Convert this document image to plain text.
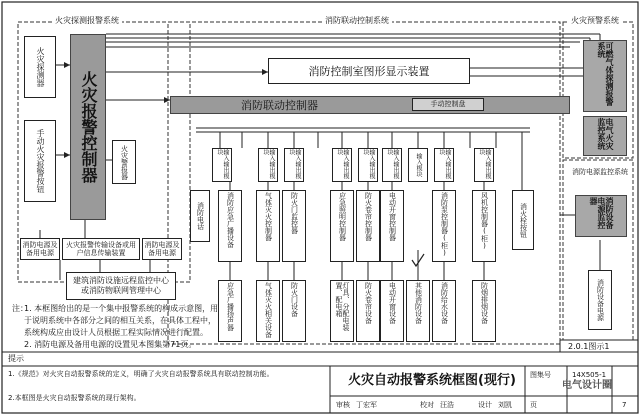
火灾探测报警系统	消防联动控制系统	火灾预警系统
消防电源监控系统
火灾报警控制器
火灾探测器
手动火灾报警按钮	火灾警报器
消防电源及备用电源
火灾报警传输设备或用户信息传输装置
消防电源及备用电源
建筑消防设施远程监控中心或消防物联网管理中心
消防控制室图形显示装置
消防联动控制器	手动控制盘	可燃气体探测报警系统
电气火灾监控系统
消防设备电源监控器
消防设备电源
消防电话
输入输出模块	输入输出模块	输入输出模块	输入输出模块	输入输出模块	输入输出模块
输入模块	输入输出模块	输入输出模块
消防应急广播设备	气体灭火控制器	防火门监控器	应急照明控制器	防火卷帘控制器 电动开窗控制器	消防泵控制器(柜)	风机控制器(柜)	消火栓按钮
应急广播扬声器	气体灭火相关设备	防火门设备	灯具、分配电装置、配电箱	防火卷帘设备 电动开窗设备	其他消防设备	消防给水设备	防烟排烟设备
注：
1. 本框图给出的是一个集中报警系统的构成示意图，用
于说明系统中各部分之间的相互关系，在具体工程中，
系统构成应由设计人员根据工程实际情况进行配置。
2. 消防电源及备用电源的设置见本图集第71页。	2.0.1图示1
提示
1.《规范》对火灾自动报警系统的定义，明确了火灾自动报警系统具有联动控制功能。
2.本框图是火灾自动报警系统的现行架构。
火灾自动报警系统框图(现行) 图集号	14X505-1
页	7
审核 丁宏军	校对 汪浩	设计 刘凯
电气设计圈
